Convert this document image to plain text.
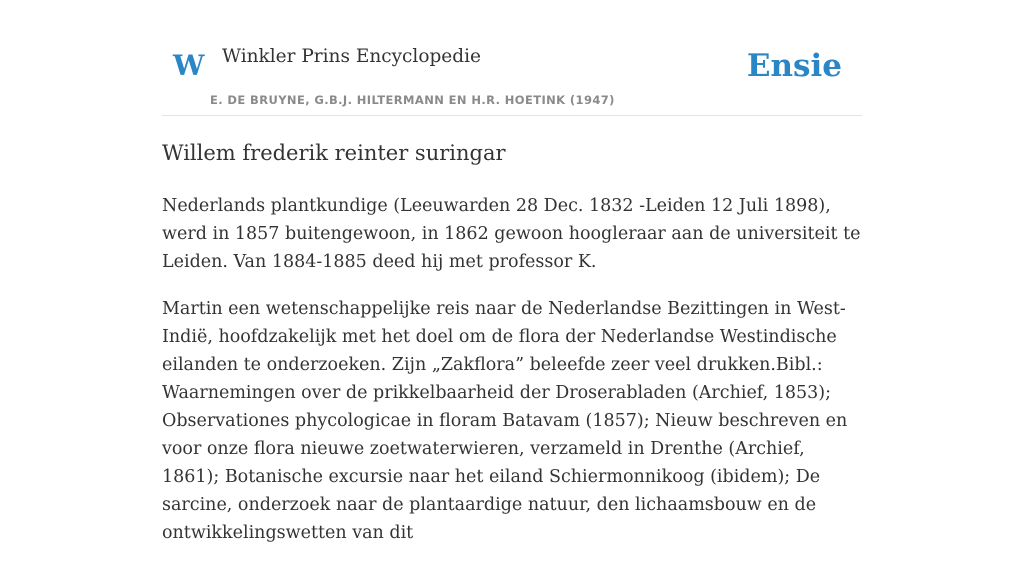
W Winkler Prins Encyclopedie
E. DE BRUYNE, G.B.J. HILTERMANN EN H.R. HOETINK (1947)
Ensie
Willem frederik reinter suringar

Nederlands plantkundige (Leeuwarden 28 Dec. 1832 -Leiden 12 Juli 1898), werd in 1857 buitengewoon, in 1862 gewoon hoogleraar aan de universiteit te Leiden. Van 1884-1885 deed hij met professor K.

Martin een wetenschappelijke reis naar de Nederlandse Bezittingen in West-Indië, hoofdzakelijk met het doel om de flora der Nederlandse Westindische eilanden te onderzoeken. Zijn „Zakflora” beleefde zeer veel drukken.Bibl.: Waarnemingen over de prikkelbaarheid der Droserabladen (Archief, 1853); Observationes phycologicae in floram Batavam (1857); Nieuw beschreven en voor onze flora nieuwe zoetwaterwieren, verzameld in Drenthe (Archief, 1861); Botanische excursie naar het eiland Schiermonnikoog (ibidem); De sarcine, onderzoek naar de plantaardige natuur, den lichaamsbouw en de ontwikkelingswetten van dit
